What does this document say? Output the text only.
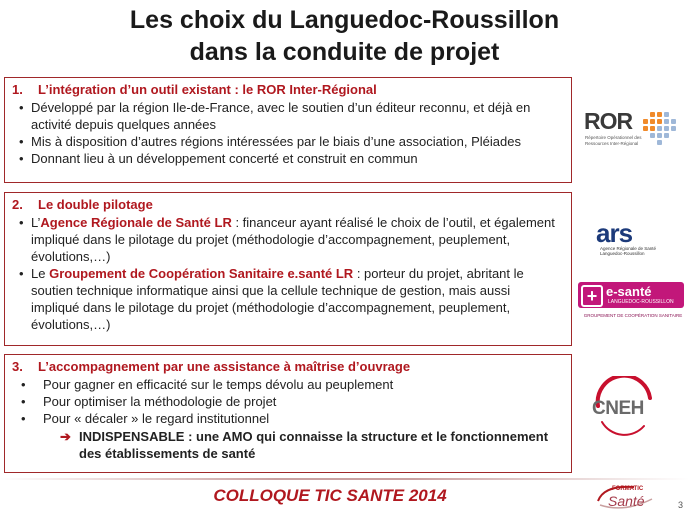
Les choix du Languedoc-Roussillon
dans la conduite de projet
1. L’intégration d’un outil existant : le ROR Inter-Régional
• Développé par la région Ile-de-France, avec le soutien d’un éditeur reconnu, et déjà en activité depuis quelques années
• Mis à disposition d’autres régions intéressées par le biais d’une association, Pléiades
• Donnant lieu à un développement concerté et construit en commun
2. Le double pilotage
• L’Agence Régionale de Santé LR : financeur ayant réalisé le choix de l’outil, et également impliqué dans le pilotage du projet (méthodologie d’accompagnement, peuplement, évolutions,…)
• Le Groupement de Coopération Sanitaire e.santé LR : porteur du projet, abritant le soutien technique informatique ainsi que la cellule technique de gestion, mais aussi impliqué dans le pilotage du projet (méthodologie d’accompagnement, peuplement, évolutions,…)
3. L’accompagnement par une assistance à maîtrise d’ouvrage
• Pour gagner en efficacité sur le temps dévolu au peuplement
• Pour optimiser la méthodologie de projet
• Pour « décaler » le regard institutionnel
➔ INDISPENSABLE : une AMO qui connaisse la structure et le fonctionnement des établissements de santé
ROR
Répertoire Opérationnel des Ressources Inter-Régional
ars
Agence Régionale de Santé Languedoc-Roussillon
+ e-santé
LANGUEDOC-ROUSSILLON
GROUPEMENT DE COOPÉRATION SANITAIRE
CNEH
COLLOQUE TIC SANTE 2014	FORMATIC
Santé	3
